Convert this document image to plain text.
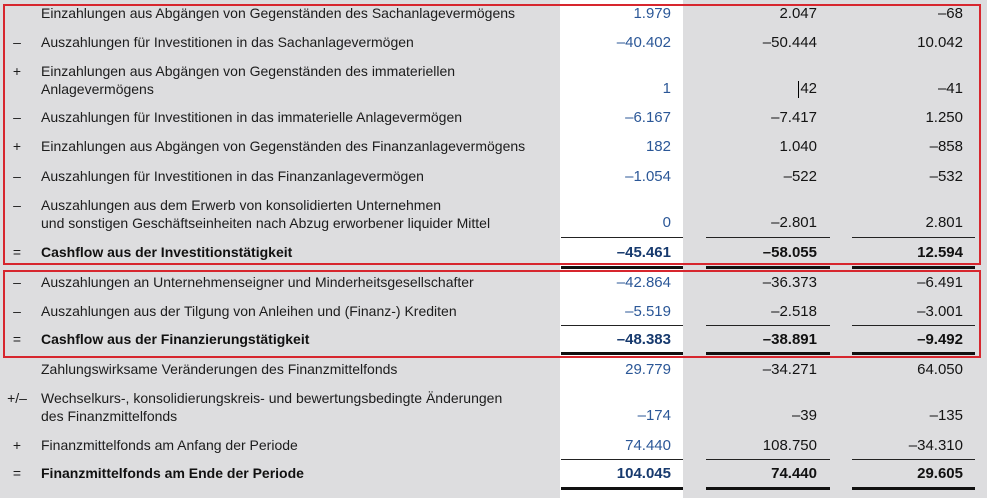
Einzahlungen aus Abgängen von Gegenständen des Sachanlagevermögens	1.979	2.047	–68
–	Auszahlungen für Investitionen in das Sachanlagevermögen	–40.402	–50.444	10.042
+	Einzahlungen aus Abgängen von Gegenständen des immateriellen
Anlagevermögens	1	42	–41
–	Auszahlungen für Investitionen in das immaterielle Anlagevermögen	–6.167	–7.417	1.250
+	Einzahlungen aus Abgängen von Gegenständen des Finanzanlagevermögens	182	1.040	–858
–	Auszahlungen für Investitionen in das Finanzanlagevermögen	–1.054	–522	–532
–	Auszahlungen aus dem Erwerb von konsolidierten Unternehmen
und sonstigen Geschäftseinheiten nach Abzug erworbener liquider Mittel	0	–2.801	2.801
=	Cashflow aus der Investitionstätigkeit	–45.461	–58.055	12.594
–	Auszahlungen an Unternehmenseigner und Minderheitsgesellschafter	–42.864	–36.373	–6.491
–	Auszahlungen aus der Tilgung von Anleihen und (Finanz-) Krediten	–5.519	–2.518	–3.001
=	Cashflow aus der Finanzierungstätigkeit	–48.383	–38.891	–9.492
Zahlungswirksame Veränderungen des Finanzmittelfonds	29.779	–34.271	64.050
+/– Wechselkurs-, konsolidierungskreis- und bewertungsbedingte Änderungen
des Finanzmittelfonds	–174	–39	–135
+	Finanzmittelfonds am Anfang der Periode	74.440	108.750	–34.310
=	Finanzmittelfonds am Ende der Periode	104.045	74.440	29.605
